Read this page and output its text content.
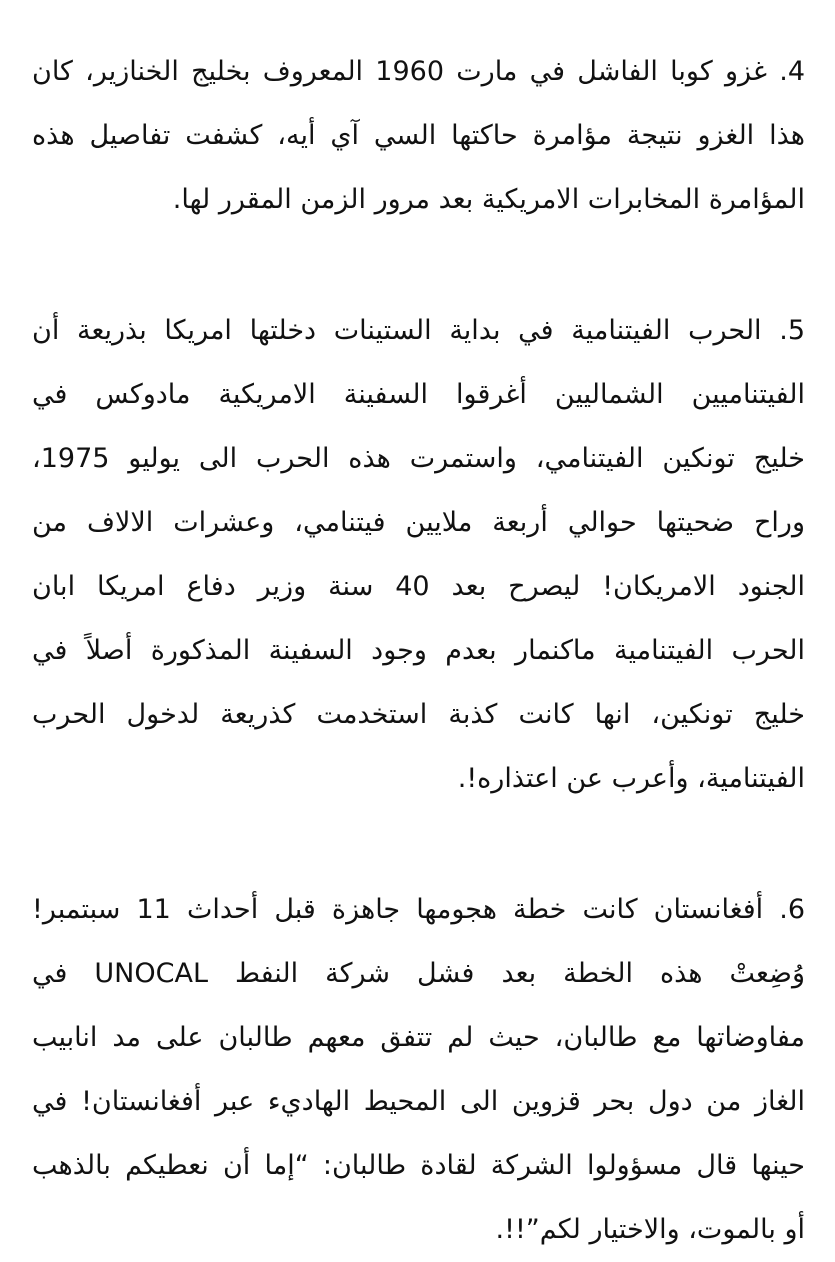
4. غزو كوبا الفاشل في مارت 1960 المعروف بخليج الخنازير، كان
هذا الغزو نتيجة مؤامرة حاكتها السي آي أيه، كشفت تفاصيل هذه
المؤامرة المخابرات الامريكية بعد مرور الزمن المقرر لها.
5. الحرب الفيتنامية في بداية الستينات دخلتها امريكا بذريعة أن
الفيتناميين الشماليين أغرقوا السفينة الامريكية مادوكس في
خليج تونكين الفيتنامي، واستمرت هذه الحرب الى يوليو 1975،
وراح ضحيتها حوالي أربعة ملايين فيتنامي، وعشرات الالاف من
الجنود الامريكان! ليصرح بعد 40 سنة وزير دفاع امريكا ابان
الحرب الفيتنامية ماكنمار بعدم وجود السفينة المذكورة أصلاً في
خليج تونكين، انها كانت كذبة استخدمت كذريعة لدخول الحرب
الفيتنامية، وأعرب عن اعتذاره!.
6. أفغانستان كانت خطة هجومها جاهزة قبل أحداث 11 سبتمبر!
وُضِعتْ هذه الخطة بعد فشل شركة النفط UNOCAL في
مفاوضاتها مع طالبان، حيث لم تتفق معهم طالبان على مد انابيب
الغاز من دول بحر قزوين الى المحيط الهاديء عبر أفغانستان! في
حينها قال مسؤولوا الشركة لقادة طالبان: “إما أن نعطيكم بالذهب
أو بالموت، والاختيار لكم”!!.
